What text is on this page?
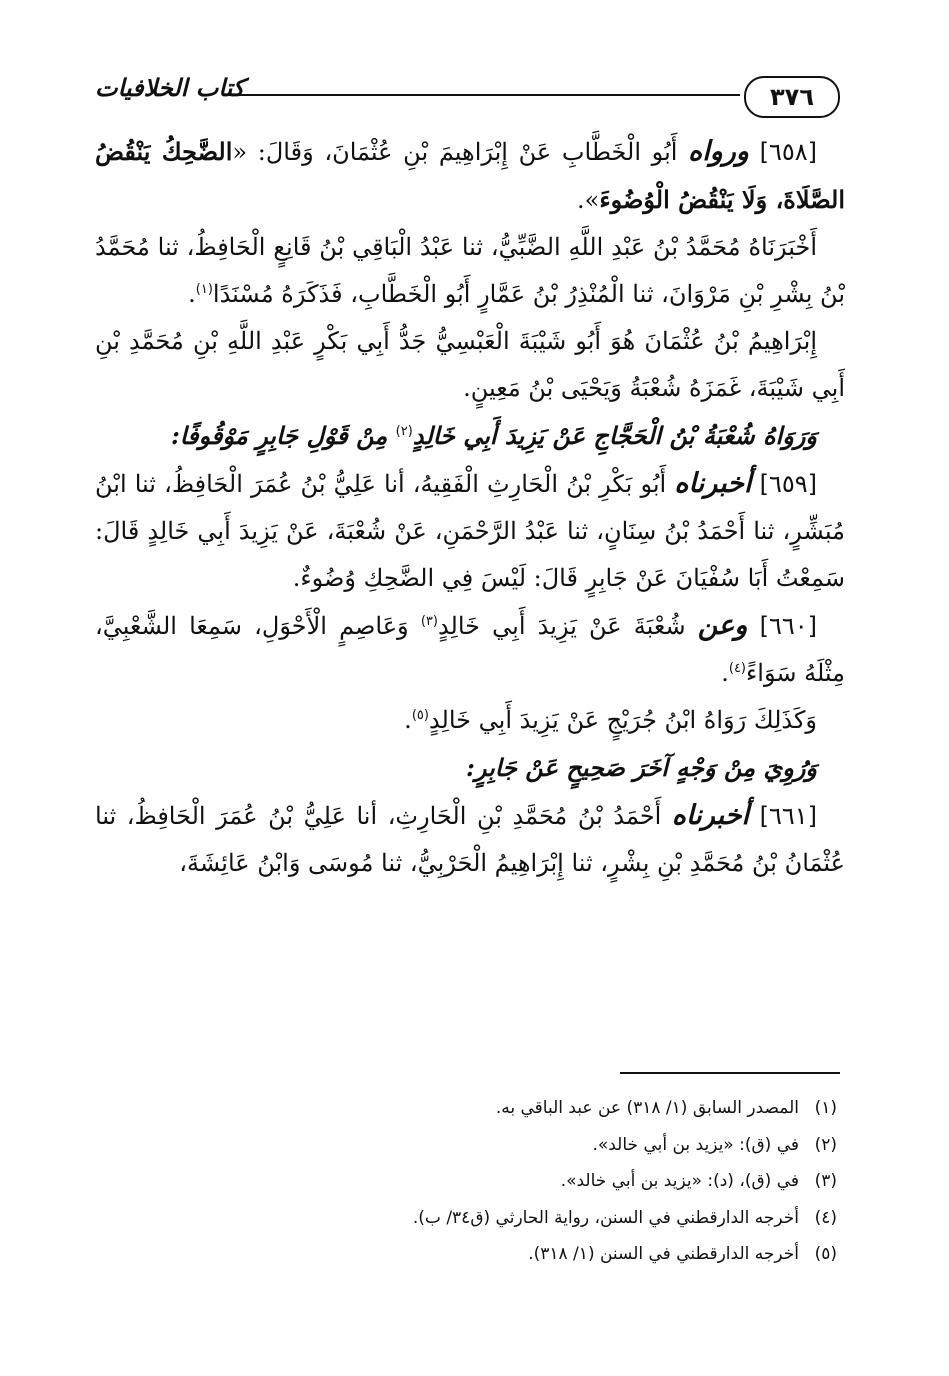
٣٧٦
كتاب الخلافيات

[٦٥٨] ورواه أَبُو الْخَطَّابِ عَنْ إِبْرَاهِيمَ بْنِ عُثْمَانَ، وَقَالَ: «الضَّحِكُ يَنْقُضُ الصَّلَاةَ، وَلَا يَنْقُضُ الْوُضُوءَ».

أَخْبَرَنَاهُ مُحَمَّدُ بْنُ عَبْدِ اللَّهِ الضَّبِّيُّ، ثنا عَبْدُ الْبَاقِي بْنُ قَانِعٍ الْحَافِظُ، ثنا مُحَمَّدُ بْنُ بِشْرِ بْنِ مَرْوَانَ، ثنا الْمُنْذِرُ بْنُ عَمَّارٍ أَبُو الْخَطَّابِ، فَذَكَرَهُ مُسْنَدًا$^{(١)}$.

إِبْرَاهِيمُ بْنُ عُثْمَانَ هُوَ أَبُو شَيْبَةَ الْعَبْسِيُّ جَدُّ أَبِي بَكْرٍ عَبْدِ اللَّهِ بْنِ مُحَمَّدِ بْنِ أَبِي شَيْبَةَ، غَمَزَهُ شُعْبَةُ وَيَحْيَى بْنُ مَعِينٍ.

وَرَوَاهُ شُعْبَةُ بْنُ الْحَجَّاجِ عَنْ يَزِيدَ أَبِي خَالِدٍ$^{(٢)}$ مِنْ قَوْلِ جَابِرٍ مَوْقُوفًا:

[٦٥٩] أخبرناه أَبُو بَكْرِ بْنُ الْحَارِثِ الْفَقِيهُ، أنا عَلِيُّ بْنُ عُمَرَ الْحَافِظُ، ثنا ابْنُ مُبَشِّرٍ، ثنا أَحْمَدُ بْنُ سِنَانٍ، ثنا عَبْدُ الرَّحْمَنِ، عَنْ شُعْبَةَ، عَنْ يَزِيدَ أَبِي خَالِدٍ قَالَ: سَمِعْتُ أَبَا سُفْيَانَ عَنْ جَابِرٍ قَالَ: لَيْسَ فِي الضَّحِكِ وُضُوءٌ.

[٦٦٠] وعن شُعْبَةَ عَنْ يَزِيدَ أَبِي خَالِدٍ$^{(٣)}$ وَعَاصِمٍ الْأَحْوَلِ، سَمِعَا الشَّعْبِيَّ، مِثْلَهُ سَوَاءً$^{(٤)}$.

وَكَذَلِكَ رَوَاهُ ابْنُ جُرَيْجٍ عَنْ يَزِيدَ أَبِي خَالِدٍ$^{(٥)}$.

وَرُوِيَ مِنْ وَجْهٍ آخَرَ صَحِيحٍ عَنْ جَابِرٍ:

[٦٦١] أخبرناه أَحْمَدُ بْنُ مُحَمَّدِ بْنِ الْحَارِثِ، أنا عَلِيُّ بْنُ عُمَرَ الْحَافِظُ، ثنا عُثْمَانُ بْنُ مُحَمَّدِ بْنِ بِشْرٍ، ثنا إِبْرَاهِيمُ الْحَرْبِيُّ، ثنا مُوسَى وَابْنُ عَائِشَةَ،

(١)المصدر السابق (١/ ٣١٨) عن عبد الباقي به.
(٢)في (ق): «يزيد بن أبي خالد».
(٣)في (ق)، (د): «يزيد بن أبي خالد».
(٤)أخرجه الدارقطني في السنن، رواية الحارثي (ق٣٤/ ب).
(٥)أخرجه الدارقطني في السنن (١/ ٣١٨).
